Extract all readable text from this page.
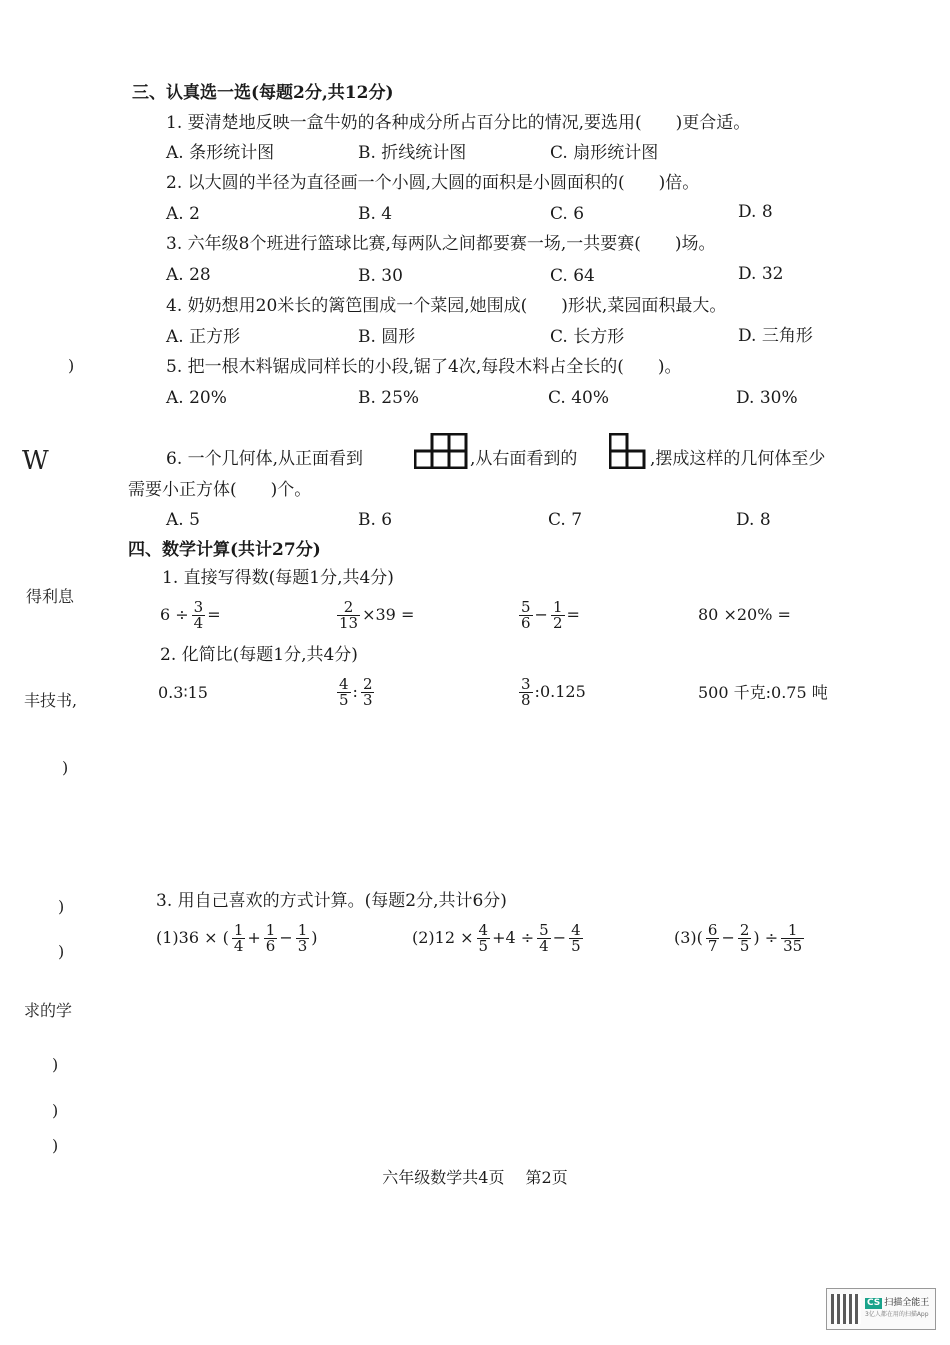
三、认真选一选(每题2分,共12分)
1. 要清楚地反映一盒牛奶的各种成分所占百分比的情况,要选用(　　)更合适。
A. 条形统计图	B. 折线统计图	C. 扇形统计图
2. 以大圆的半径为直径画一个小圆,大圆的面积是小圆面积的(　　)倍。
A. 2	B. 4	C. 6	D. 8
3. 六年级8个班进行篮球比赛,每两队之间都要赛一场,一共要赛(　　)场。
A. 28	B. 30	C. 64	D. 32
4. 奶奶想用20米长的篱笆围成一个菜园,她围成(　　)形状,菜园面积最大。
A. 正方形	B. 圆形	C. 长方形	D. 三角形
5. 把一根木料锯成同样长的小段,锯了4次,每段木料占全长的(　　)。
A. 20%	B. 25%	C. 40%	D. 30%
6. 一个几何体,从正面看到	,从右面看到的	,摆成这样的几何体至少
需要小正方体(　　)个。
A. 5	B. 6	C. 7	D. 8
四、数学计算(共计27分)
1. 直接写得数(每题1分,共4分)
$6 \div \frac{3}{4}$ =	$\frac{2}{13} \times 39$ =	$\frac{5}{6} - \frac{1}{2}$ =	80 ×20% =
2. 化简比(每题1分,共4分)
0.3∶15	$\frac{4}{5}$ : $\frac{2}{3}$	$\frac{3}{8}$ :0.125	500 千克:0.75 吨
3. 用自己喜欢的方式计算。(每题2分,共计6分)
(1)36 × ( $\frac{1}{4} + \frac{1}{6} - \frac{1}{3}$ )	$(2)12 \times \frac{4}{5} +4 \div \frac{5}{4} - \frac{4}{5}$	$(3)( \frac{6}{7} - \frac{2}{5}$ ) ÷ $\frac{1}{35}$
)
W
得利息
丰技书,
)
)
)
求的学
)
)
)
六年级数学共4页 第2页
CS 扫描全能王
3亿人都在用的扫描App
